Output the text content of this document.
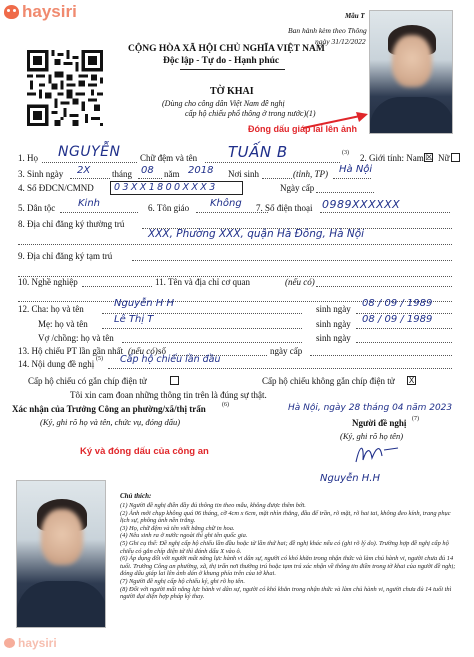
haysiri	Mẫu T
Ban hành kèm theo Thông
ngày 31/12/2022
CỘNG HÒA XÃ HỘI CHỦ NGHĨA VIỆT NAM
Độc lập - Tự do - Hạnh phúc
TỜ KHAI
(Dùng cho công dân Việt Nam đề nghị
cấp hộ chiếu phổ thông ở trong nước)(1)
Đóng dấu giáp lai lên ảnh
1. Họ NGUYỄN Chữ đệm và tên TUẤN B	(3) 2. Giới tính: Nam ☒ Nữ
3. Sinh ngày 2X tháng 08 năm 2018 Nơi sinh	(tỉnh, TP) Hà Nội
4. Số ĐDCN/CMND	03XX1800XXX3	Ngày cấp
5. Dân tộc Kinh	6. Tôn giáo Không 7. Số điện thoại 0989XXXXXX
8. Địa chỉ đăng ký thường trú
XXX, Phường XXX, quận Hà Đông, Hà Nội
9. Địa chỉ đăng ký tạm trú
10. Nghề nghiệp	11. Tên và địa chỉ cơ quan	(nếu có)
12. Cha: họ và tên	Nguyễn H H	sinh ngày 08 / 09 / 1989
Mẹ: họ và tên	Lê Thị T	sinh ngày 08 / 09 / 1989
Vợ /chồng: họ và tên	sinh ngày
13. Hộ chiếu PT lần gần nhất (nếu có) số	ngày cấp
14. Nội dung đề nghị (5) Cấp hộ chiếu lần đầu
Cấp hộ chiếu có gắn chíp điện tử	Cấp hộ chiếu không gắn chíp điện tử X
Tôi xin cam đoan những thông tin trên là đúng sự thật.
Xác nhận của Trưởng Công an phường/xã/thị trấn	(6)
(Ký, ghi rõ họ và tên, chức vụ, đóng dấu)
Hà Nội, ngày 28 tháng 04 năm 2023
Người đề nghị (7)
(Ký, ghi rõ họ tên)
Ký và đóng dấu của công an
Nguyễn H.H
Chú thích:
(1) Người đề nghị điền đầy đủ thông tin theo mẫu, không được thêm bớt.
(2) Ảnh mới chụp không quá 06 tháng, cỡ 4cm x 6cm, mặt nhìn thẳng, đầu để trần, rõ mặt, rõ hai tai, không đeo kính, trang phục lịch sự, phông ảnh nền trắng.
(3) Họ, chữ đệm và tên viết bằng chữ in hoa.
(4) Nêu sinh ra ở nước ngoài thì ghi tên quốc gia.
(5) Ghi cụ thể: Đề nghị cấp hộ chiếu lần đầu hoặc từ lần thứ hai; đề nghị khác nếu có (ghi rõ lý do). Trường hợp đề nghị cấp hộ chiếu có gắn chíp điện tử thì đánh dấu X vào ô.
(6) Áp dụng đối với người mất năng lực hành vi dân sự, người có khó khăn trong nhận thức và làm chủ hành vi, người chưa đủ 14 tuổi. Trưởng Công an phường, xã, thị trấn nơi thường trú hoặc tạm trú xác nhận về thông tin điền trong tờ khai của người đề nghị; đóng dấu giáp lai lên ảnh dán ở khung phía trên của tờ khai.
(7) Người đề nghị cấp hộ chiếu ký, ghi rõ họ tên.
(8) Đối với người mất năng lực hành vi dân sự, người có khó khăn trong nhận thức và làm chủ hành vi, người chưa đủ 14 tuổi thì người đại diện hợp pháp ký thay.
haysiri
